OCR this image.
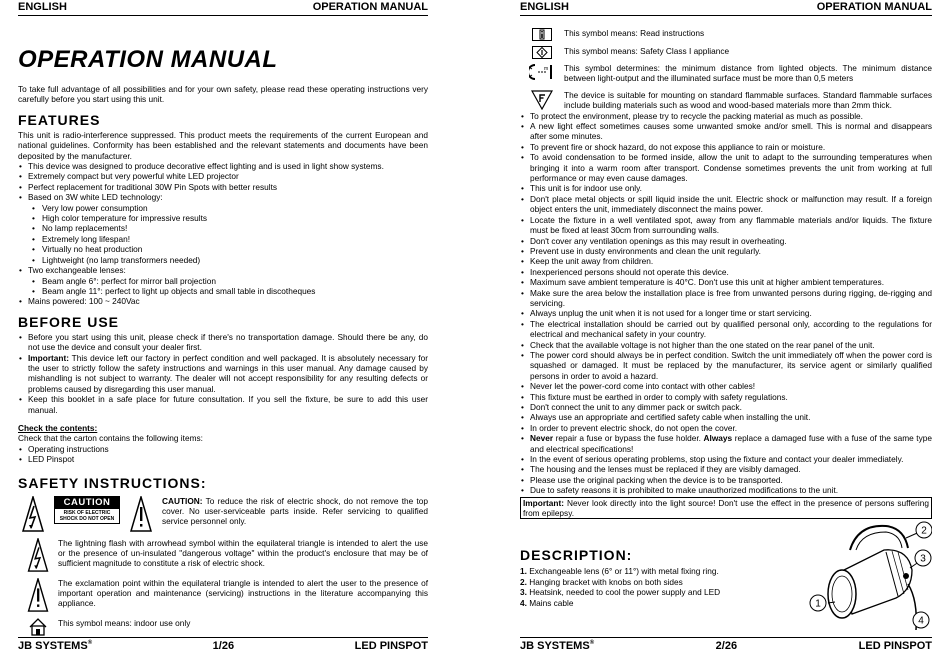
ENGLISH	OPERATION MANUAL
OPERATION MANUAL

To take full advantage of all possibilities and for your own safety, please read these operating instructions very carefully before you start using this unit.

FEATURES

This unit is radio-interference suppressed. This product meets the requirements of the current European and national guidelines. Conformity has been established and the relevant statements and documents have been deposited by the manufacturer.

• This device was designed to produce decorative effect lighting and is used in light show systems.
• Extremely compact but very powerful white LED projector
• Perfect replacement for traditional 30W Pin Spots with better results
• Based on 3W white LED technology:
• Very low power consumption
• High color temperature for impressive results
• No lamp replacements!
• Extremely long lifespan!
• Virtually no heat production
• Lightweight (no lamp transformers needed)
• Two exchangeable lenses:
• Beam angle 6°: perfect for mirror ball projection
• Beam angle 11°: perfect to light up objects and small table in discotheques
• Mains powered: 100 ~ 240Vac
BEFORE USE
• Before you start using this unit, please check if there's no transportation damage. Should there be any, do not use the device and consult your dealer first.
• Important: This device left our factory in perfect condition and well packaged. It is absolutely necessary for the user to strictly follow the safety instructions and warnings in this user manual. Any damage caused by mishandling is not subject to warranty. The dealer will not accept responsibility for any resulting defects or problems caused by disregarding this user manual.
• Keep this booklet in a safe place for future consultation. If you sell the fixture, be sure to add this user manual.
Check the contents:
Check that the carton contains the following items:
• Operating instructions
• LED Pinspot
SAFETY INSTRUCTIONS:
CAUTION
RISK OF ELECTRIC SHOCK DO NOT OPEN
CAUTION: To reduce the risk of electric shock, do not remove the top cover. No user-serviceable parts inside. Refer servicing to qualified service personnel only.
The lightning flash with arrowhead symbol within the equilateral triangle is intended to alert the use or the presence of un-insulated "dangerous voltage" within the product's enclosure that may be of sufficient magnitude to constitute a risk of electric shock.
The exclamation point within the equilateral triangle is intended to alert the user to the presence of important operation and maintenance (servicing) instructions in the literature accompanying this appliance.
This symbol means: indoor use only
JB SYSTEMS®	1/26	LED PINSPOT
ENGLISH	OPERATION MANUAL
This symbol means: Read instructions
This symbol means: Safety Class I appliance
m This symbol determines: the minimum distance from lighted objects. The minimum distance between light-output and the illuminated surface must be more than 0,5 meters
The device is suitable for mounting on standard flammable surfaces. Standard flammable surfaces include building materials such as wood and wood-based materials more than 2mm thick.
• To protect the environment, please try to recycle the packing material as much as possible.
• A new light effect sometimes causes some unwanted smoke and/or smell. This is normal and disappears after some minutes.
• To prevent fire or shock hazard, do not expose this appliance to rain or moisture.
• To avoid condensation to be formed inside, allow the unit to adapt to the surrounding temperatures when bringing it into a warm room after transport. Condense sometimes prevents the unit from working at full performance or may even cause damages.
• This unit is for indoor use only.
• Don't place metal objects or spill liquid inside the unit. Electric shock or malfunction may result. If a foreign object enters the unit, immediately disconnect the mains power.
• Locate the fixture in a well ventilated spot, away from any flammable materials and/or liquids. The fixture must be fixed at least 30cm from surrounding walls.
• Don't cover any ventilation openings as this may result in overheating.
• Prevent use in dusty environments and clean the unit regularly.
• Keep the unit away from children.
• Inexperienced persons should not operate this device.
• Maximum save ambient temperature is 40°C. Don't use this unit at higher ambient temperatures.
• Make sure the area below the installation place is free from unwanted persons during rigging, de-rigging and servicing.
• Always unplug the unit when it is not used for a longer time or start servicing.
• The electrical installation should be carried out by qualified personal only, according to the regulations for electrical and mechanical safety in your country.
• Check that the available voltage is not higher than the one stated on the rear panel of the unit.
• The power cord should always be in perfect condition. Switch the unit immediately off when the power cord is squashed or damaged. It must be replaced by the manufacturer, its service agent or similarly qualified persons in order to avoid a hazard.
• Never let the power-cord come into contact with other cables!
• This fixture must be earthed in order to comply with safety regulations.
• Don't connect the unit to any dimmer pack or switch pack.
• Always use an appropriate and certified safety cable when installing the unit.
• In order to prevent electric shock, do not open the cover.
• Never repair a fuse or bypass the fuse holder. Always replace a damaged fuse with a fuse of the same type and electrical specifications!
• In the event of serious operating problems, stop using the fixture and contact your dealer immediately.
• The housing and the lenses must be replaced if they are visibly damaged.
• Please use the original packing when the device is to be transported.
• Due to safety reasons it is prohibited to make unauthorized modifications to the unit.
Important: Never look directly into the light source! Don't use the effect in the presence of persons suffering from epilepsy.
DESCRIPTION:
1. Exchangeable lens (6° or 11°) with metal fixing ring.
2. Hanging bracket with knobs on both sides
3. Heatsink, needed to cool the power supply and LED
4. Mains cable	1
2
3
4
JB SYSTEMS®	2/26	LED PINSPOT
